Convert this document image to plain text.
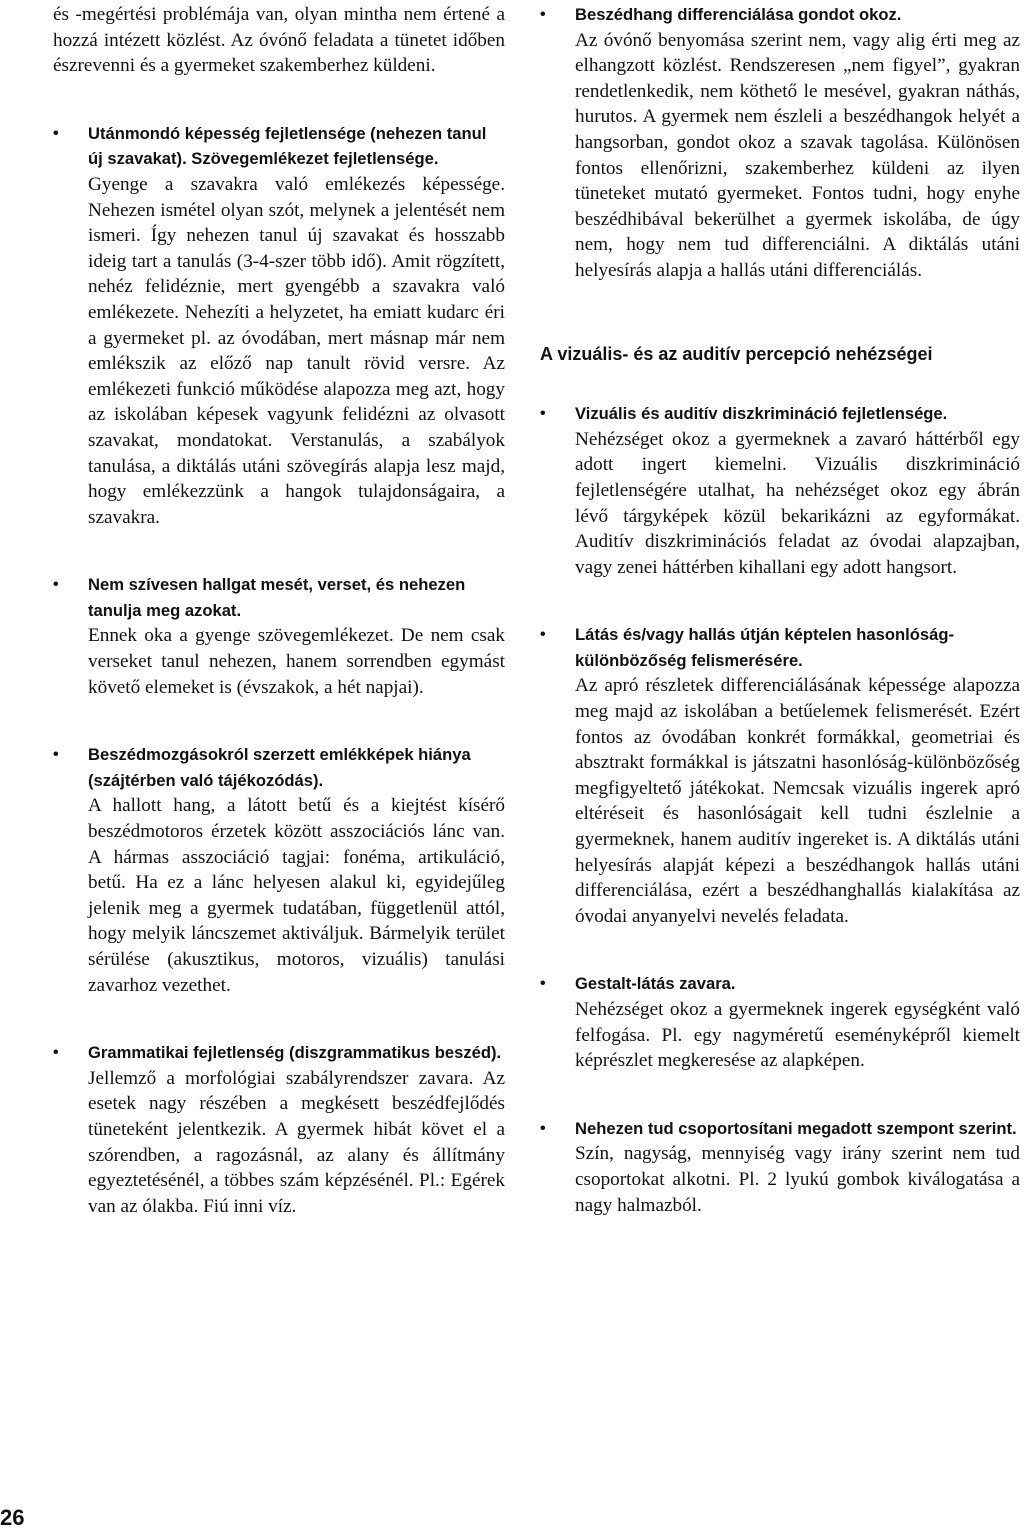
és -megértési problémája van, olyan mintha nem értené a hozzá intézett közlést. Az óvónő feladata a tünetet időben észrevenni és a gyermeket szakemberhez küldeni.

• Utánmondó képesség fejletlensége (nehezen tanul új szavakat). Szövegemlékezet fejletlensége.

Gyenge a szavakra való emlékezés képessége. Nehezen ismétel olyan szót, melynek a jelentését nem ismeri. Így nehezen tanul új szavakat és hosszabb ideig tart a tanulás (3-4-szer több idő). Amit rögzített, nehéz felidéznie, mert gyengébb a szavakra való emlékezete. Nehezíti a helyzetet, ha emiatt kudarc éri a gyermeket pl. az óvodában, mert másnap már nem emlékszik az előző nap tanult rövid versre. Az emlékezeti funkció működése alapozza meg azt, hogy az iskolában képesek vagyunk felidézni az olvasott szavakat, mondatokat. Verstanulás, a szabályok tanulása, a diktálás utáni szövegírás alapja lesz majd, hogy emlékezzünk a hangok tulajdonságaira, a szavakra.

• Nem szívesen hallgat mesét, verset, és nehezen tanulja meg azokat.

Ennek oka a gyenge szövegemlékezet. De nem csak verseket tanul nehezen, hanem sorrendben egymást követő elemeket is (évszakok, a hét napjai).

• Beszédmozgásokról szerzett emlékképek hiánya (szájtérben való tájékozódás).

A hallott hang, a látott betű és a kiejtést kísérő beszédmotoros érzetek között asszociációs lánc van. A hármas asszociáció tagjai: fonéma, artikuláció, betű. Ha ez a lánc helyesen alakul ki, egyidejűleg jelenik meg a gyermek tudatában, függetlenül attól, hogy melyik láncszemet aktiváljuk. Bármelyik terület sérülése (akusztikus, motoros, vizuális) tanulási zavarhoz vezethet.

• Grammatikai fejletlenség (diszgrammatikus beszéd).

Jellemző a morfológiai szabályrendszer zavara. Az esetek nagy részében a megkésett beszédfejlődés tüneteként jelentkezik. A gyermek hibát követ el a szórendben, a ragozásnál, az alany és állítmány egyeztetésénél, a többes szám képzésénél. Pl.: Egérek van az ólakba. Fiú inni víz.

• Beszédhang differenciálása gondot okoz.

Az óvónő benyomása szerint nem, vagy alig érti meg az elhangzott közlést. Rendszeresen „nem figyel”, gyakran rendetlenkedik, nem köthető le mesével, gyakran náthás, hurutos. A gyermek nem észleli a beszédhangok helyét a hangsorban, gondot okoz a szavak tagolása. Különösen fontos ellenőrizni, szakemberhez küldeni az ilyen tüneteket mutató gyermeket. Fontos tudni, hogy enyhe beszédhibával bekerülhet a gyermek iskolába, de úgy nem, hogy nem tud differenciálni. A diktálás utáni helyesírás alapja a hallás utáni differenciálás.

A vizuális- és az auditív percepció nehézségei

• Vizuális és auditív diszkrimináció fejletlensége.

Nehézséget okoz a gyermeknek a zavaró háttérből egy adott ingert kiemelni. Vizuális diszkrimináció fejletlenségére utalhat, ha nehézséget okoz egy ábrán lévő tárgyképek közül bekarikázni az egyformákat. Auditív diszkriminációs feladat az óvodai alapzajban, vagy zenei háttérben kihallani egy adott hangsort.

• Látás és/vagy hallás útján képtelen hasonlóság-különbözőség felismerésére.

Az apró részletek differenciálásának képessége alapozza meg majd az iskolában a betűelemek felismerését. Ezért fontos az óvodában konkrét formákkal, geometriai és absztrakt formákkal is játszatni hasonlóság-különbözőség megfigyeltető játékokat. Nemcsak vizuális ingerek apró eltéréseit és hasonlóságait kell tudni észlelnie a gyermeknek, hanem auditív ingereket is. A diktálás utáni helyesírás alapját képezi a beszédhangok hallás utáni differenciálása, ezért a beszédhanghallás kialakítása az óvodai anyanyelvi nevelés feladata.

• Gestalt-látás zavara.

Nehézséget okoz a gyermeknek ingerek egységként való felfogása. Pl. egy nagyméretű eseményképről kiemelt képrészlet megkeresése az alapképen.

• Nehezen tud csoportosítani megadott szempont szerint.

Szín, nagyság, mennyiség vagy irány szerint nem tud csoportokat alkotni. Pl. 2 lyukú gombok kiválogatása a nagy halmazból.

26
